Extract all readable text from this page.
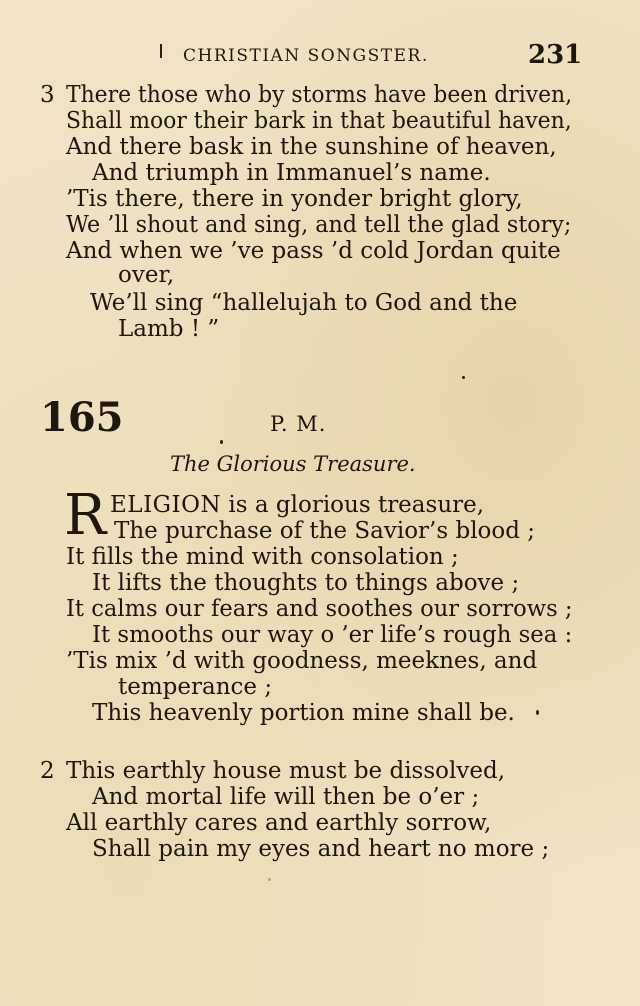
CHRISTIAN SONGSTER.	231
3 There those who by storms have been driven,
Shall moor their bark in that beautiful haven,
And there bask in the sunshine of heaven,
And triumph in Immanuel’s name.
’Tis there, there in yonder bright glory,
We ’ll shout and sing, and tell the glad story;
And when we ’ve pass ’d cold Jordan quite
over,
We’ll sing “hallelujah to God and the
Lamb ! ”
165	P. M.
The Glorious Treasure.
R ELIGION is a glorious treasure,
The purchase of the Savior’s blood ;
It fills the mind with consolation ;
It lifts the thoughts to things above ;
It calms our fears and soothes our sorrows ;
It smooths our way o ’er life’s rough sea :
’Tis mix ’d with goodness, meeknes, and
temperance ;
This heavenly portion mine shall be.
2 This earthly house must be dissolved,
And mortal life will then be o’er ;
All earthly cares and earthly sorrow,
Shall pain my eyes and heart no more ;
